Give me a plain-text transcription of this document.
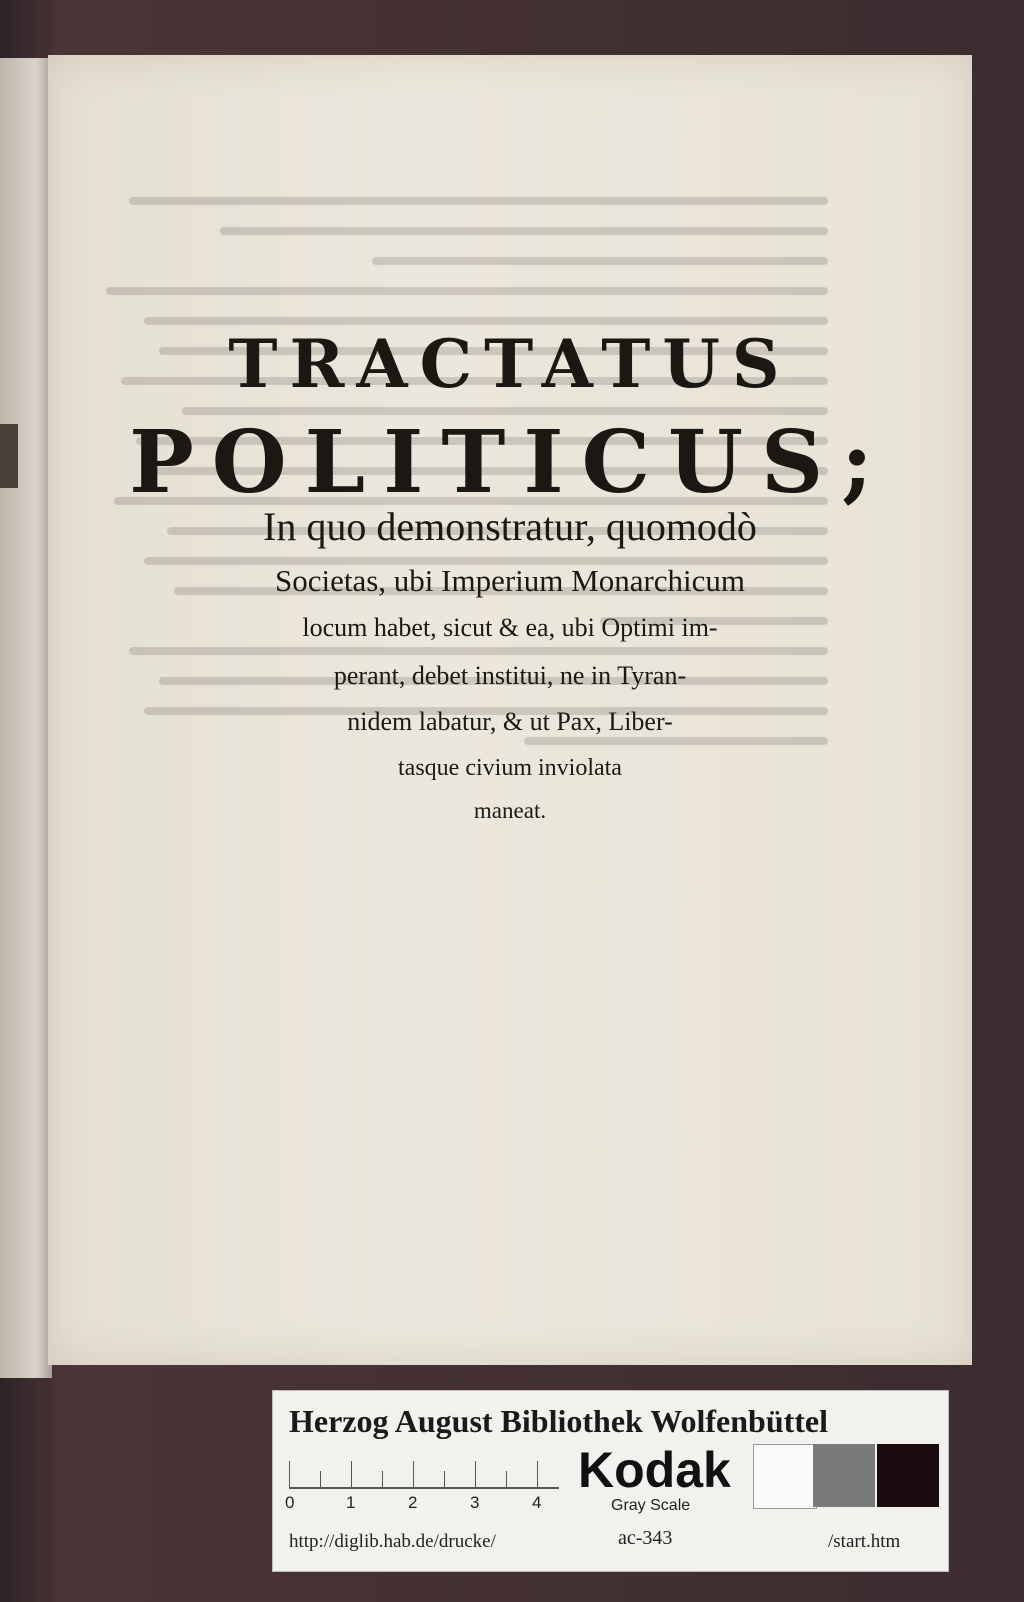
TRACTATUS
POLITICUS;
In quo demonstratur, quomodò
Societas, ubi Imperium Monarchicum
locum habet, sicut & ea, ubi Optimi im-
perant, debet institui, ne in Tyran-
nidem labatur, & ut Pax, Liber-
tasque civium inviolata
maneat.
Herzog August Bibliothek Wolfenbüttel
0	1	2	3	4
Kodak
Gray Scale
http://diglib.hab.de/drucke/	ac-343	/start.htm
